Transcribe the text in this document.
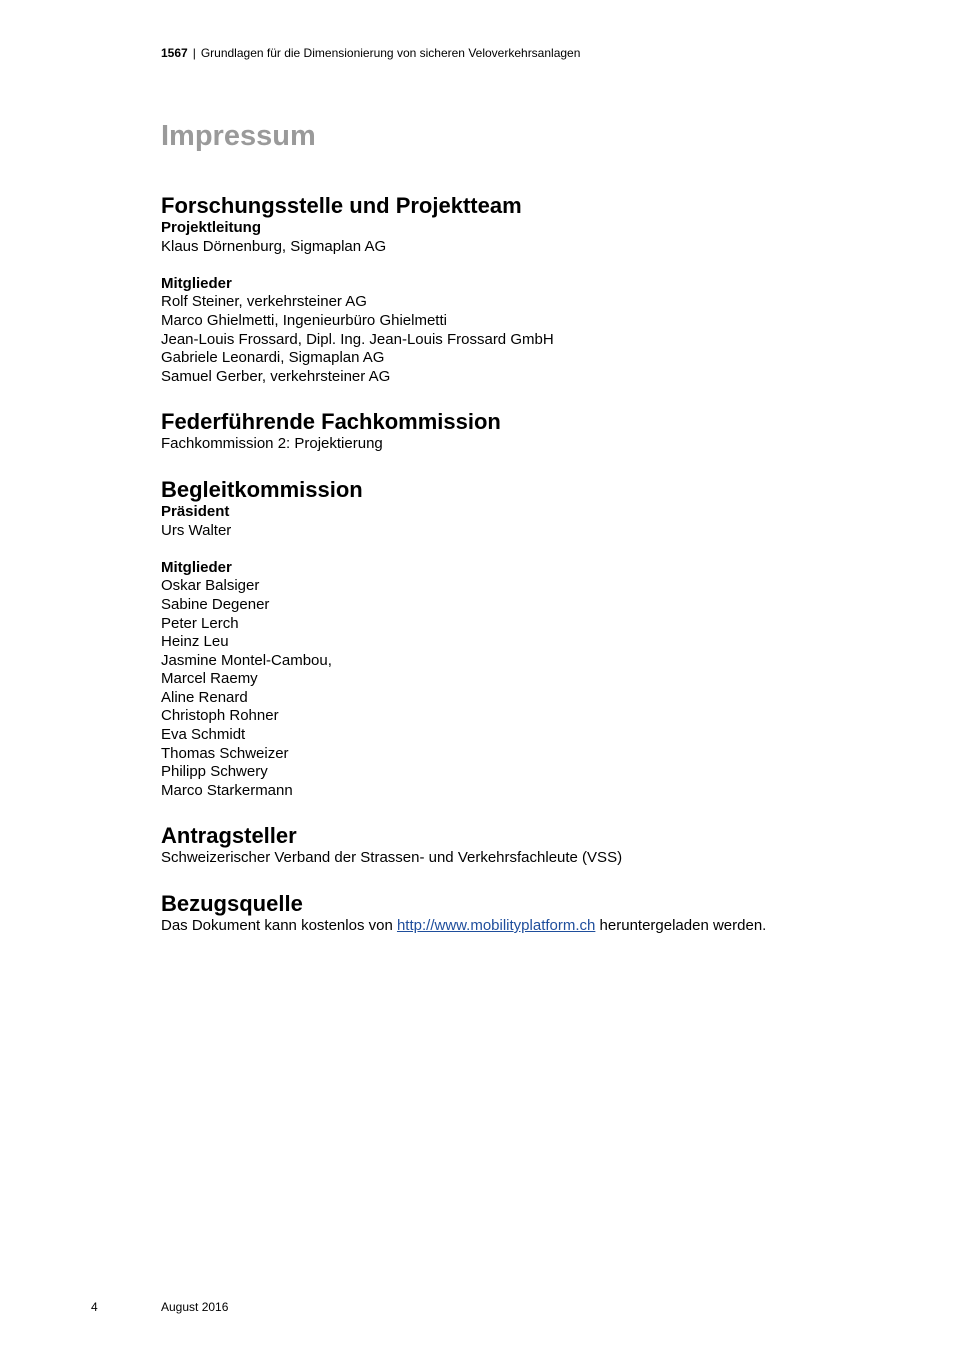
1567 | Grundlagen für die Dimensionierung von sicheren Veloverkehrsanlagen
Impressum
Forschungsstelle und Projektteam
Projektleitung
Klaus Dörnenburg, Sigmaplan AG
Mitglieder
Rolf Steiner, verkehrsteiner AG
Marco Ghielmetti, Ingenieurbüro Ghielmetti
Jean-Louis Frossard, Dipl. Ing. Jean-Louis Frossard GmbH
Gabriele Leonardi, Sigmaplan AG
Samuel Gerber, verkehrsteiner AG
Federführende Fachkommission
Fachkommission 2: Projektierung
Begleitkommission
Präsident
Urs Walter
Mitglieder
Oskar Balsiger
Sabine Degener
Peter Lerch
Heinz Leu
Jasmine Montel-Cambou,
Marcel Raemy
Aline Renard
Christoph Rohner
Eva Schmidt
Thomas Schweizer
Philipp Schwery
Marco Starkermann
Antragsteller
Schweizerischer Verband der Strassen- und Verkehrsfachleute (VSS)
Bezugsquelle
Das Dokument kann kostenlos von http://www.mobilityplatform.ch heruntergeladen werden.
4	August 2016
